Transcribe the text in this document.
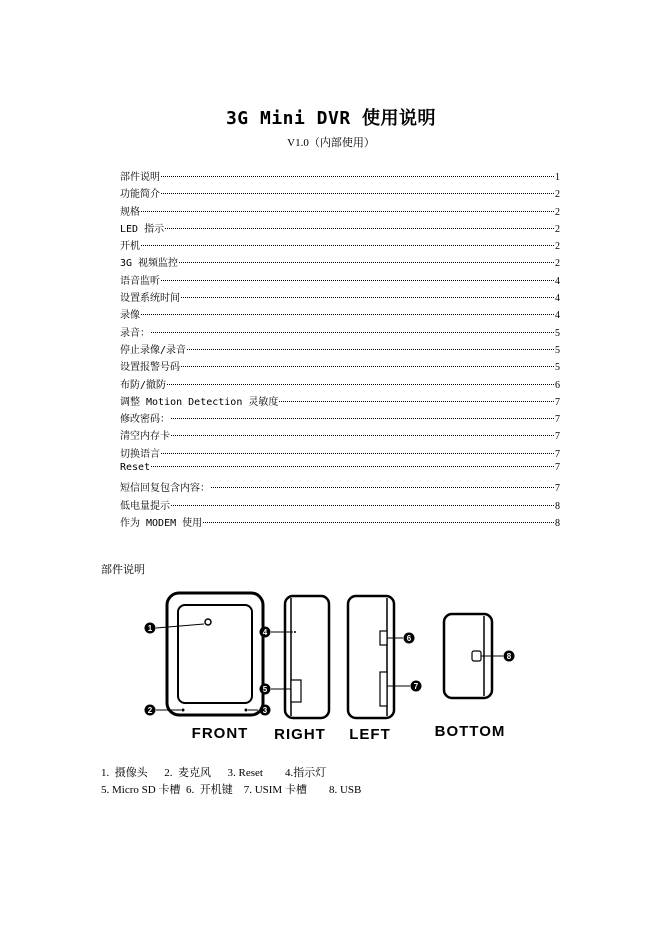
3G Mini DVR 使用说明
V1.0（内部使用）
部件说明	1
功能简介	2
规格	2
LED 指示	2
开机	2
3G 视频监控	2
语音监听	4
设置系统时间	4
录像	4
录音：	5
停止录像/录音	5
设置报警号码	5
布防/撤防	6
调整 Motion Detection 灵敏度	7
修改密码：	7
清空内存卡	7
切换语言	7
Reset	7
短信回复包含内容：	7
低电量提示	8
作为 MODEM 使用	8
部件说明
1
2	3
FRONT
4
5
RIGHT
6
7
LEFT
8
BOTTOM
1.  摄像头      2.  麦克风      3. Reset        4.指示灯
5. Micro SD 卡槽  6.  开机键    7. USIM 卡槽        8. USB
